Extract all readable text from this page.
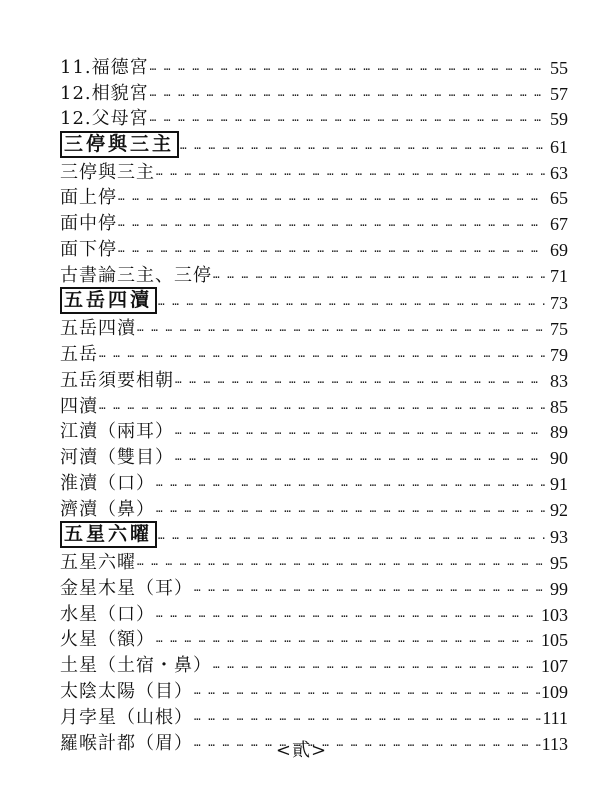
11.福德宮 … … … … … … … … … … … … … … … … … … … … … … … … … … … … … … … … … … … … … … … … … … … … … … …	55
12.相貌宮 … … … … … … … … … … … … … … … … … … … … … … … … … … … … … … … … … … … … … … … … … … … … … … …	57
12.父母宮 … … … … … … … … … … … … … … … … … … … … … … … … … … … … … … … … … … … … … … … … … … … … … … …	59
三停與三主 … … … … … … … … … … … … … … … … … … … … … … … … … … … … … … … … … … … … … … … … … … … … … … …	61
三停與三主 … … … … … … … … … … … … … … … … … … … … … … … … … … … … … … … … … … … … … … … … … … … … … … …	63
面上停 … … … … … … … … … … … … … … … … … … … … … … … … … … … … … … … … … … … … … … … … … … … … … … …	65
面中停 … … … … … … … … … … … … … … … … … … … … … … … … … … … … … … … … … … … … … … … … … … … … … … …	67
面下停 … … … … … … … … … … … … … … … … … … … … … … … … … … … … … … … … … … … … … … … … … … … … … … …	69
古書論三主、三停 … … … … … … … … … … … … … … … … … … … … … … … … … … … … … … … … … … … … … … … … … … … … … … …	71
五岳四瀆 … … … … … … … … … … … … … … … … … … … … … … … … … … … … … … … … … … … … … … … … … … … … … … …	73
五岳四瀆 … … … … … … … … … … … … … … … … … … … … … … … … … … … … … … … … … … … … … … … … … … … … … … …	75
五岳 … … … … … … … … … … … … … … … … … … … … … … … … … … … … … … … … … … … … … … … … … … … … … … …	79
五岳須要相朝 … … … … … … … … … … … … … … … … … … … … … … … … … … … … … … … … … … … … … … … … … … … … … … …	83
四瀆 … … … … … … … … … … … … … … … … … … … … … … … … … … … … … … … … … … … … … … … … … … … … … … …	85
江瀆（兩耳） … … … … … … … … … … … … … … … … … … … … … … … … … … … … … … … … … … … … … … … … … … … … … … …	89
河瀆（雙目） … … … … … … … … … … … … … … … … … … … … … … … … … … … … … … … … … … … … … … … … … … … … … … …	90
淮瀆（口） … … … … … … … … … … … … … … … … … … … … … … … … … … … … … … … … … … … … … … … … … … … … … … …	91
濟瀆（鼻） … … … … … … … … … … … … … … … … … … … … … … … … … … … … … … … … … … … … … … … … … … … … … … …	92
五星六曜 … … … … … … … … … … … … … … … … … … … … … … … … … … … … … … … … … … … … … … … … … … … … … … …	93
五星六曜 … … … … … … … … … … … … … … … … … … … … … … … … … … … … … … … … … … … … … … … … … … … … … … …	95
金星木星（耳） … … … … … … … … … … … … … … … … … … … … … … … … … … … … … … … … … … … … … … … … … … … … … … …	99
水星（口） … … … … … … … … … … … … … … … … … … … … … … … … … … … … … … … … … … … … … … … … … … … … … … …	103
火星（額） … … … … … … … … … … … … … … … … … … … … … … … … … … … … … … … … … … … … … … … … … … … … … … …	105
土星（土宿・鼻） … … … … … … … … … … … … … … … … … … … … … … … … … … … … … … … … … … … … … … … … … … … … … … …	107
太陰太陽（目） … … … … … … … … … … … … … … … … … … … … … … … … … … … … … … … … … … … … … … … … … … … … … … …	109
月孛星（山根） … … … … … … … … … … … … … … … … … … … … … … … … … … … … … … … … … … … … … … … … … … … … … … …	111
羅喉計都（眉） … … … … … … … … … … … … … … … … … … … … … … … … … … … … … … … … … … … … … … … … … … … … … … …	113
<貳>
